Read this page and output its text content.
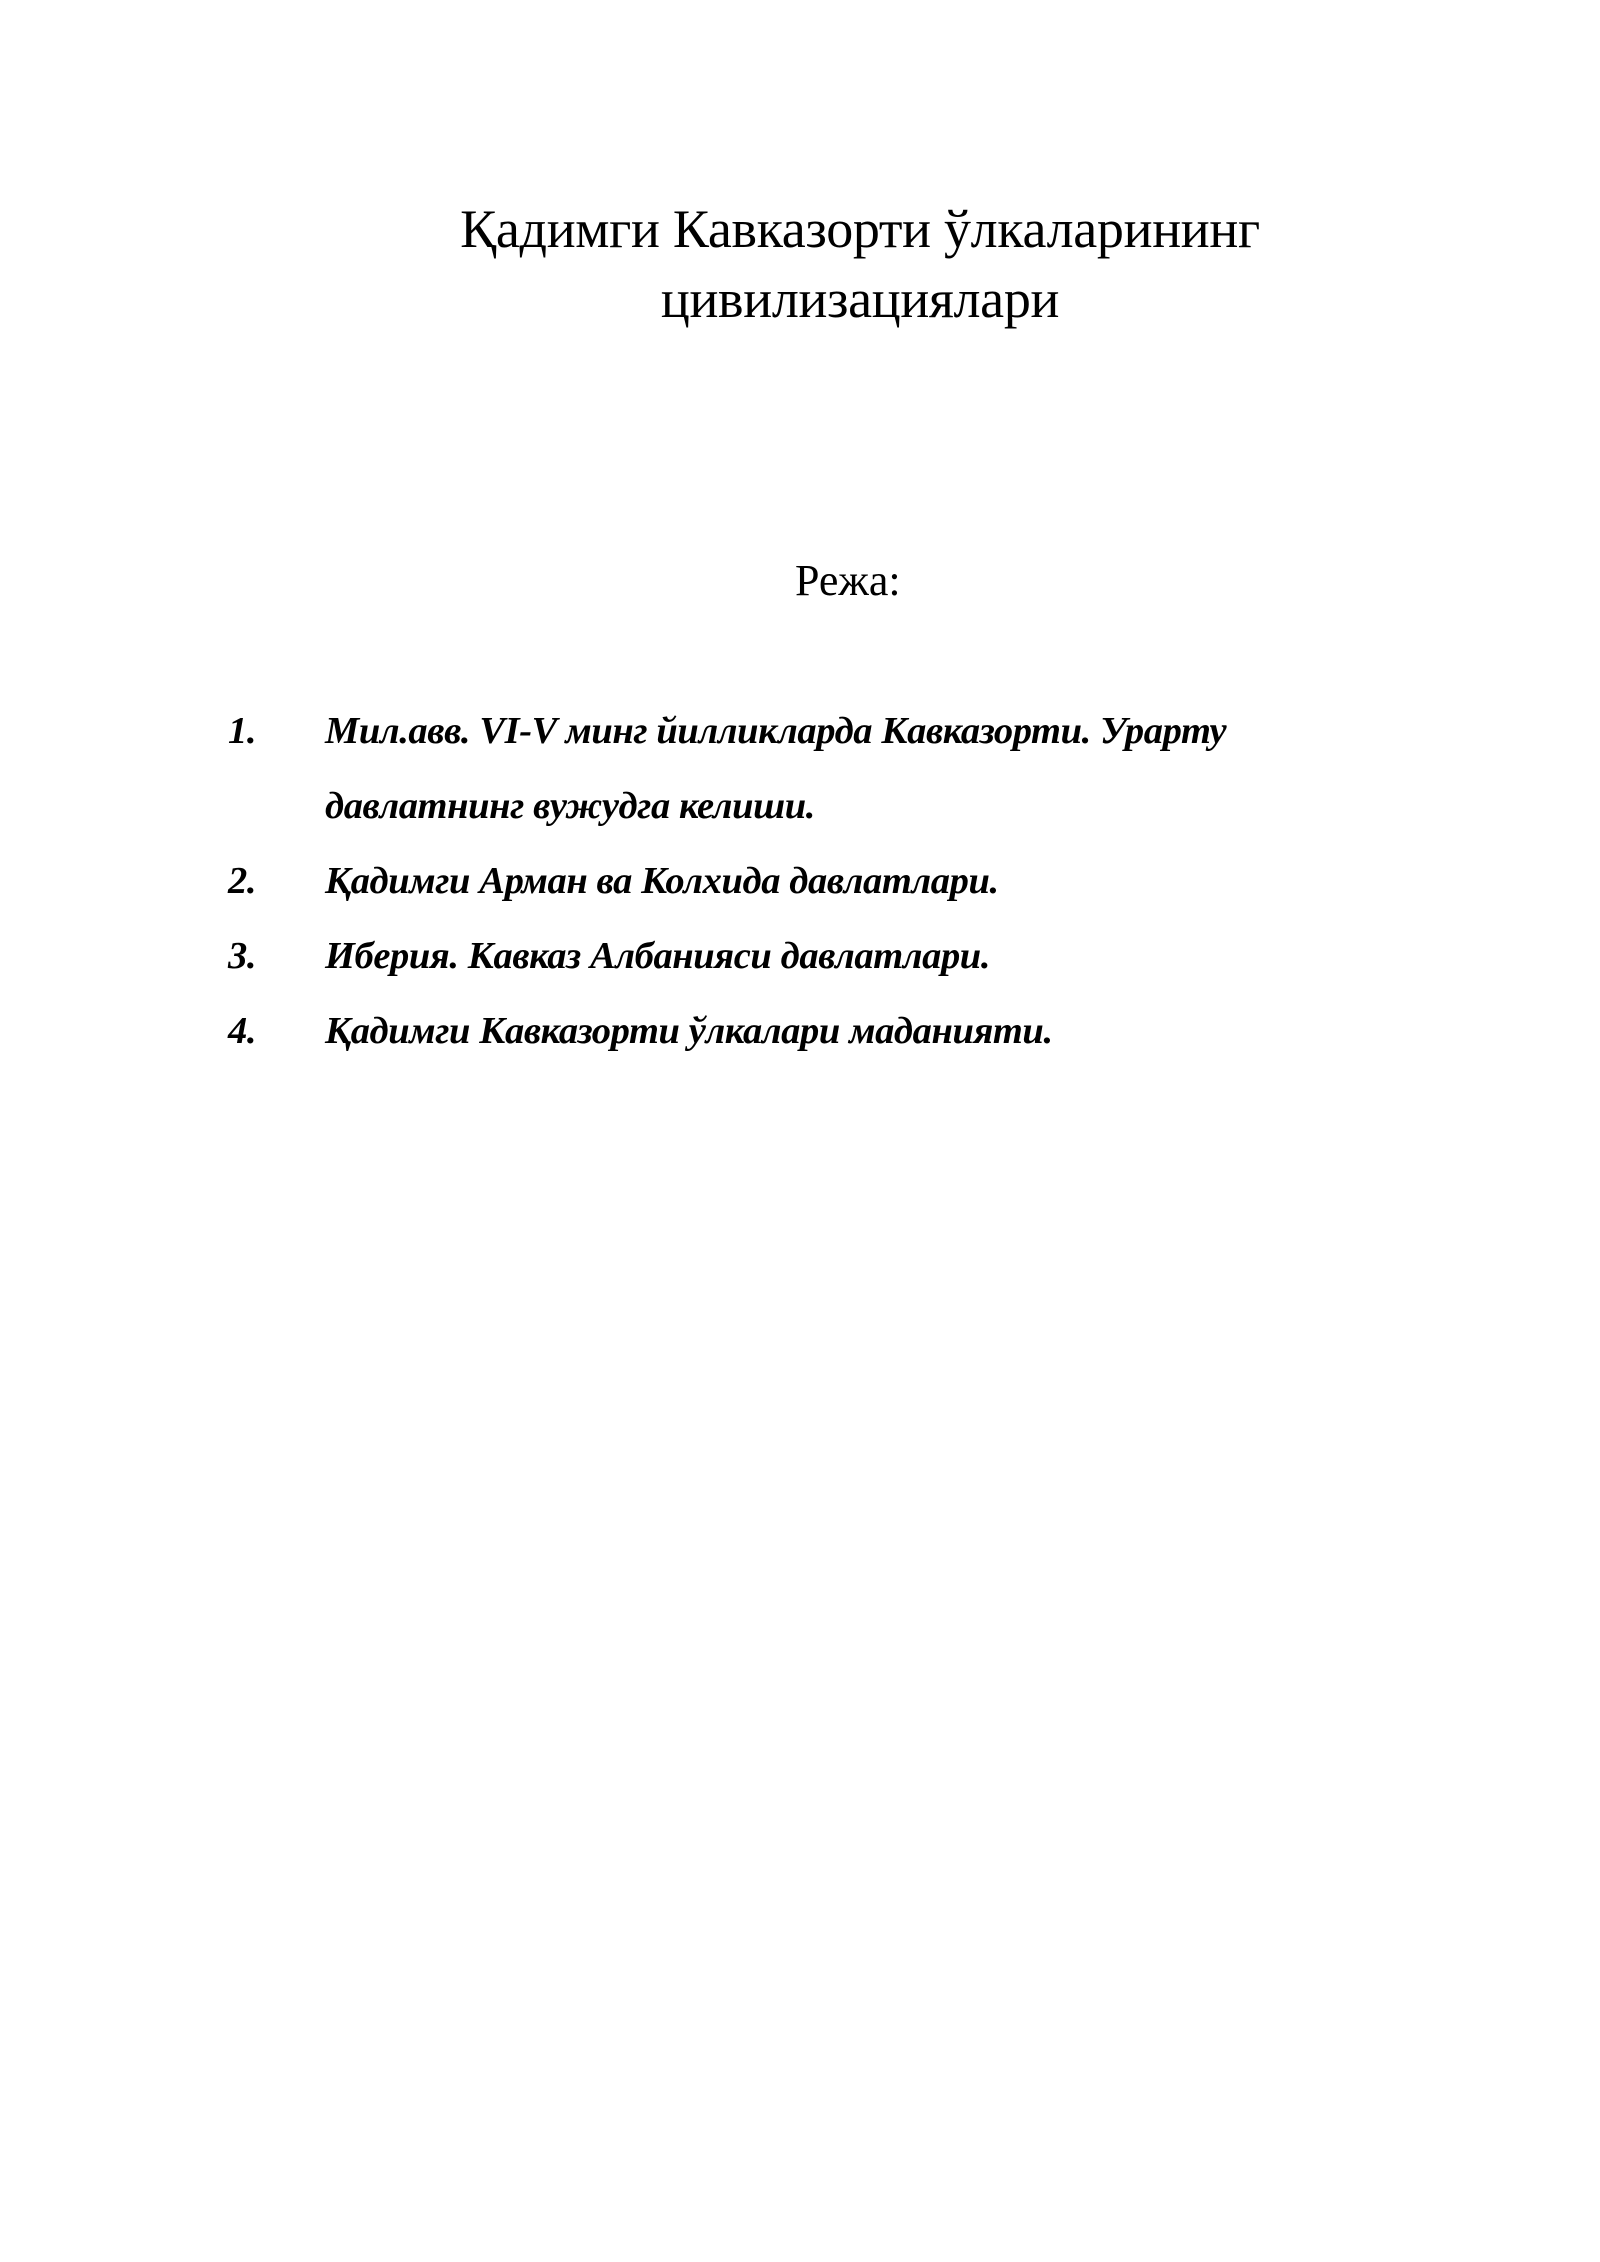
Қадимги Кавказорти ўлкаларининг
цивилизациялари
Режа:
1. Мил.авв. VI-V минг йилликларда Кавказорти. Урарту давлатнинг вужудга келиши.
2. Қадимги Арман ва Колхида давлатлари.
3. Иберия. Кавказ Албанияси давлатлари.
4. Қадимги Кавказорти ўлкалари маданияти.
